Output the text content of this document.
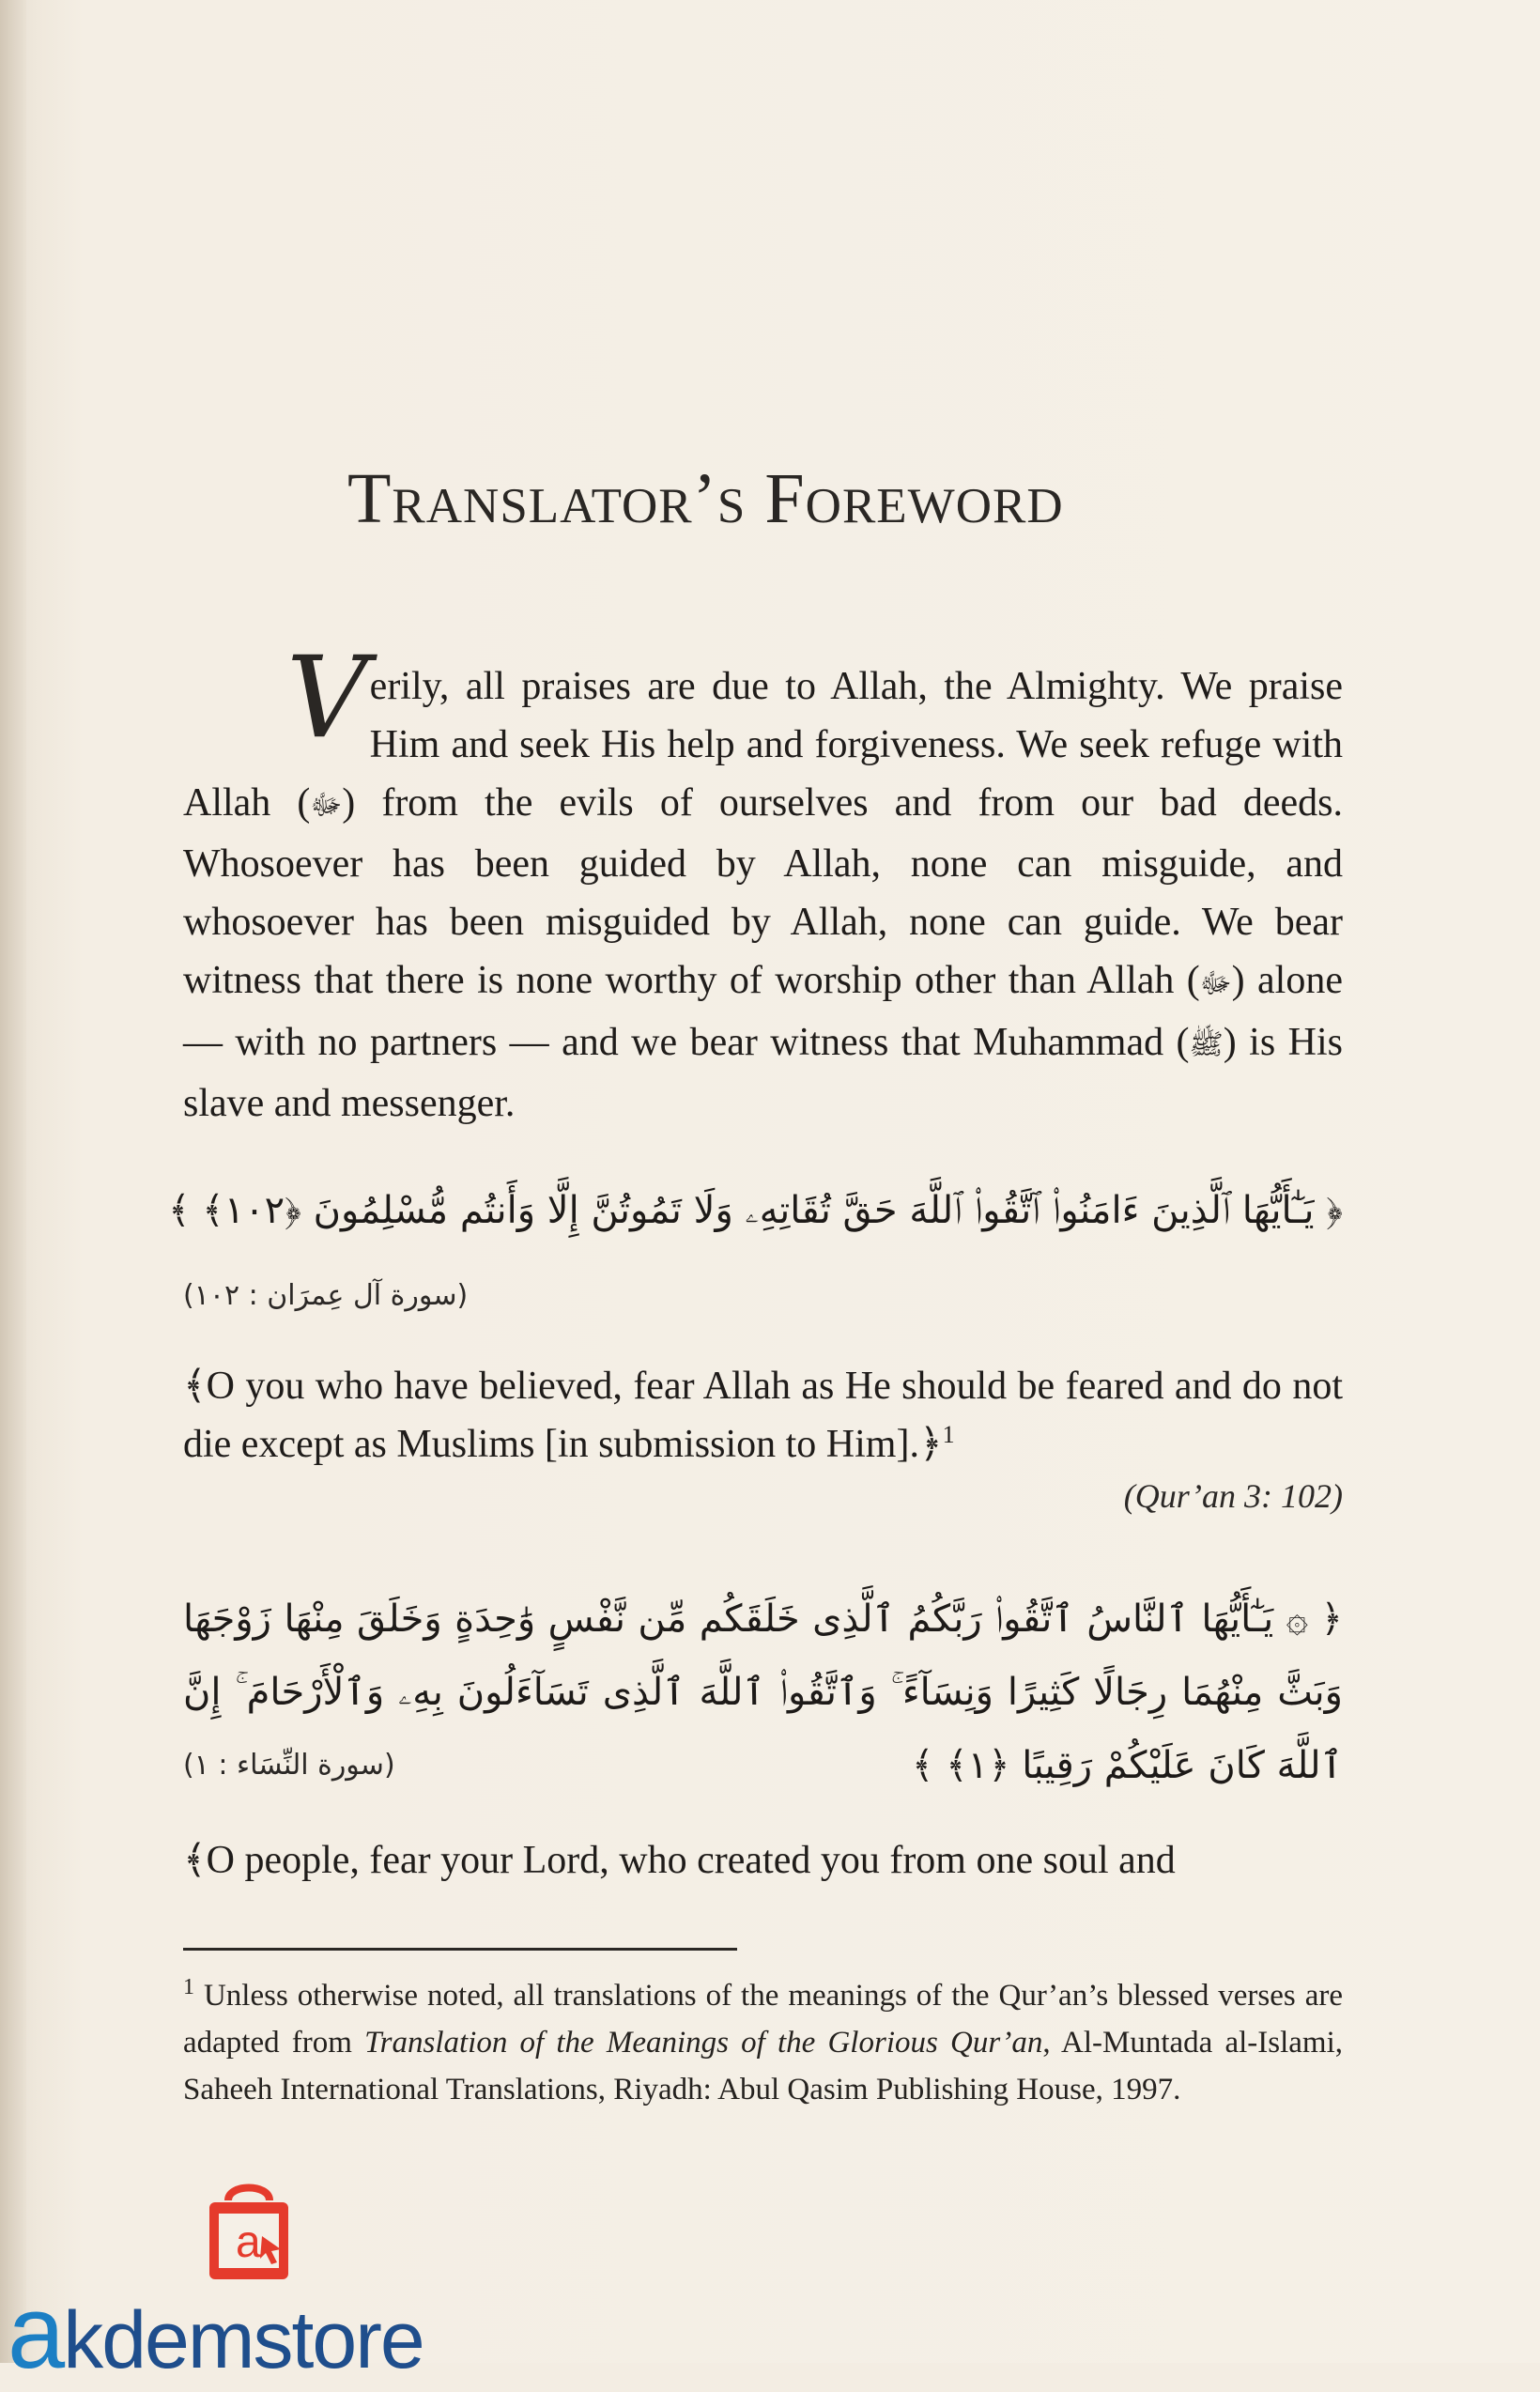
Translator’s Foreword

Verily, all praises are due to Allah, the Almighty. We praise Him and seek His help and forgiveness. We seek refuge with Allah (ﷻ) from the evils of ourselves and from our bad deeds. Whosoever has been guided by Allah, none can misguide, and whosoever has been misguided by Allah, none can guide. We bear witness that there is none worthy of worship other than Allah (ﷻ) alone — with no partners — and we bear witness that Muhammad (ﷺ) is His slave and messenger.

﴿ يَـٰٓأَيُّهَا ٱلَّذِينَ ءَامَنُوا۟ ٱتَّقُوا۟ ٱللَّهَ حَقَّ تُقَاتِهِۦ وَلَا تَمُوتُنَّ إِلَّا وَأَنتُم مُّسْلِمُونَ ﴿١٠٢﴾ ﴾
(سورة آل عِمرَان : ١٠٢)

﴾O you who have believed, fear Allah as He should be feared and do not die except as Muslims [in submission to Him].﴿$^1$

(Qur’an 3: 102)
﴿ ۞ يَـٰٓأَيُّهَا ٱلنَّاسُ ٱتَّقُوا۟ رَبَّكُمُ ٱلَّذِى خَلَقَكُم مِّن نَّفْسٍ وَٰحِدَةٍ وَخَلَقَ مِنْهَا زَوْجَهَا وَبَثَّ مِنْهُمَا رِجَالًا كَثِيرًا وَنِسَآءً ۚ وَٱتَّقُوا۟ ٱللَّهَ ٱلَّذِى تَسَآءَلُونَ بِهِۦ وَٱلْأَرْحَامَ ۚ إِنَّ ٱللَّهَ كَانَ عَلَيْكُمْ رَقِيبًا ﴿١﴾ ﴾
(سورة النِّسَاء : ١)

﴾O people, fear your Lord, who created you from one soul and

$^1$ Unless otherwise noted, all translations of the meanings of the Qur’an’s blessed verses are adapted from Translation of the Meanings of the Glorious Qur’an, Al-Muntada al-Islami, Saheeh International Translations, Riyadh: Abul Qasim Publishing House, 1997.
a
akdemstore
